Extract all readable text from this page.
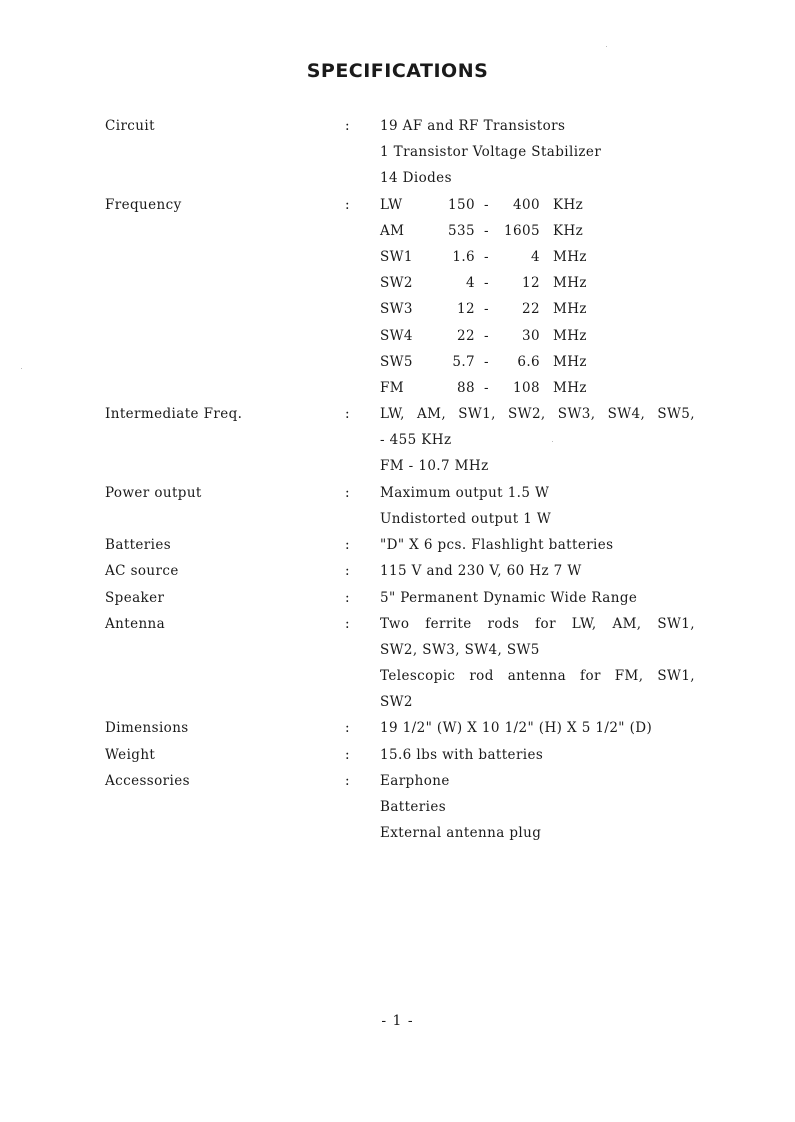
SPECIFICATIONS
Circuit	: 19 AF and RF Transistors
1 Transistor Voltage Stabilizer
14 Diodes
Frequency	: LW	150 -	400 KHz
AM	535 -	1605 KHz
SW1	1.6 -	4 MHz
SW2	4 -	12 MHz
SW3	12 -	22 MHz
SW4	22 -	30 MHz
SW5	5.7 -	6.6 MHz
FM	88 -	108 MHz
Intermediate Freq.	: LW, AM, SW1, SW2, SW3, SW4, SW5,
- 455 KHz
FM - 10.7 MHz
Power output	: Maximum output 1.5 W
Undistorted output 1 W
Batteries	: "D" X 6 pcs. Flashlight batteries
AC source	: 115 V and 230 V, 60 Hz 7 W
Speaker	: 5" Permanent Dynamic Wide Range
Antenna	: Two ferrite rods for LW, AM, SW1,
SW2, SW3, SW4, SW5
Telescopic rod antenna for FM, SW1,
SW2
Dimensions	: 19 1/2" (W) X 10 1/2" (H) X 5 1/2" (D)
Weight	: 15.6 lbs with batteries
Accessories	: Earphone
Batteries
External antenna plug
- 1 -
